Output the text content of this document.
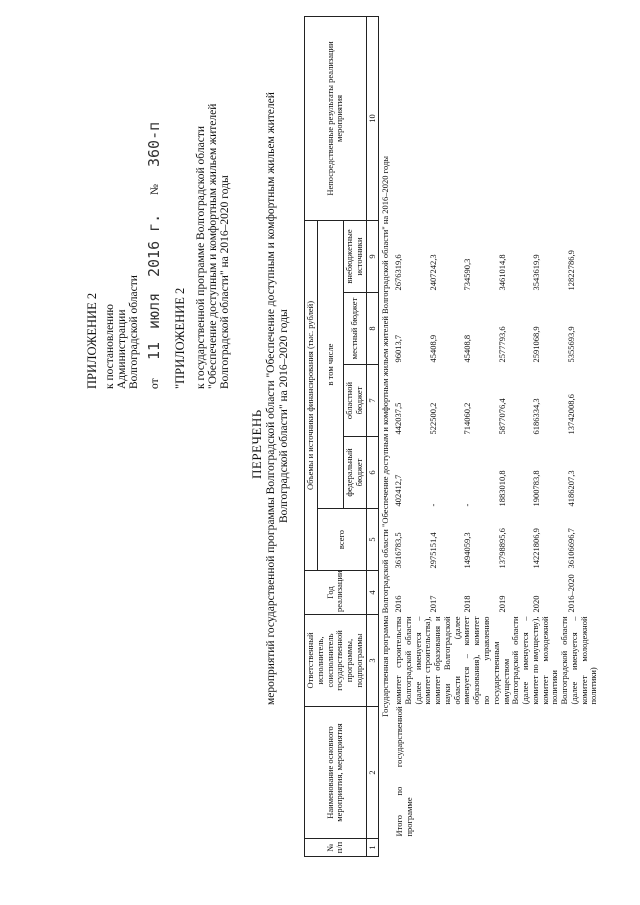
ПРИЛОЖЕНИЕ 2 к постановлению Администрации Волгоградской области от
11
июля
2016 г.
№
360-п
"ПРИЛОЖЕНИЕ 2 к государственной программе Волгоградской области "Обеспечение доступным и комфортным жильем жителей Волгоградской области" на 2016–2020 годы
ПЕРЕЧЕНЬ мероприятий государственной программы Волгоградской области "Обеспечение доступным и комфортным жильем жителей Волгоградской области" на 2016–2020 годы
№ п/п	Наименование основного мероприятия, мероприятия	Ответственный исполнитель, соисполнитель государственной программы, подпрограммы	Год реализации	Объемы и источники финансирования (тыс. рублей)					Непосредственные результаты реализации мероприятия
				всего	в том числе				
					федеральный бюджет	областной бюджет	местный бюджет	внебюджетные источники	
1	2	3	4	5	6	7	8	9	10
Государственная программа Волгоградской области "Обеспечение доступным и комфортным жильем жителей Волгоградской области" на 2016–2020 годы									
	Итого по государственной программе	комитет строительства Волгоградской области (далее именуется – комитет строительства), комитет образования и науки Волгоградской области (далее именуется – комитет образования), комитет по управлению государственным имуществом Волгоградской области (далее именуется – комитет по имуществу), комитет молодежной политики Волгоградской области (далее именуется – комитет молодежной политики)	2016	3616783,5	402412,7	442037,5	96013,7	2676319,6	
			2017	2975151,4	-	522500,2	45408,9	2407242,3	
			2018	1494059,3	-	714060,2	45408,8	734590,3	
			2019	13798895,6	1883010,8	5877076,4	2577793,6	3461014,8	
			2020	14221806,9	1900783,8	6186334,3	2591068,9	3543619,9	
			2016–2020	36106696,7	4186207,3	13742008,6	5355693,9	12822786,9	
